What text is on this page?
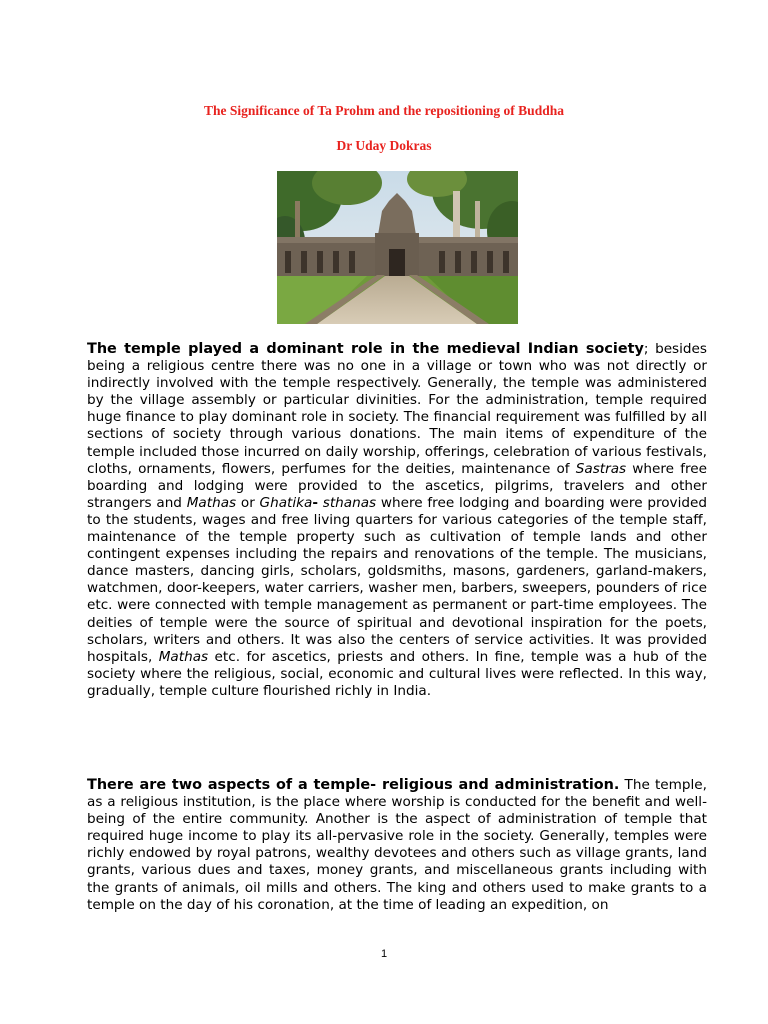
The Significance of Ta Prohm and the repositioning of Buddha
Dr Uday Dokras

The temple played a dominant role in the medieval Indian society; besides being a religious centre there was no one in a village or town who was not directly or indirectly involved with the temple respectively. Generally, the temple was administered by the village assembly or particular divinities. For the administration, temple required huge finance to play dominant role in society. The financial requirement was fulfilled by all sections of society through various donations. The main items of expenditure of the temple included those incurred on daily worship, offerings, celebration of various festivals, cloths, ornaments, flowers, perfumes for the deities, maintenance of Sastras where free boarding and lodging were provided to the ascetics, pilgrims, travelers and other strangers and Mathas or Ghatika- sthanas where free lodging and boarding were provided to the students, wages and free living quarters for various categories of the temple staff, maintenance of the temple property such as cultivation of temple lands and other contingent expenses including the repairs and renovations of the temple. The musicians, dance masters, dancing girls, scholars, goldsmiths, masons, gardeners, garland-makers, watchmen, door-keepers, water carriers, washer men, barbers, sweepers, pounders of rice etc. were connected with temple management as permanent or part-time employees. The deities of temple were the source of spiritual and devotional inspiration for the poets, scholars, writers and others. It was also the centers of service activities. It was provided hospitals, Mathas etc. for ascetics, priests and others. In fine, temple was a hub of the society where the religious, social, economic and cultural lives were reflected. In this way, gradually, temple culture flourished richly in India.

There are two aspects of a temple- religious and administration. The temple, as a religious institution, is the place where worship is conducted for the benefit and well-being of the entire community. Another is the aspect of administration of temple that required huge income to play its all-pervasive role in the society. Generally, temples were richly endowed by royal patrons, wealthy devotees and others such as village grants, land grants, various dues and taxes, money grants, and miscellaneous grants including with the grants of animals, oil mills and others. The king and others used to make grants to a temple on the day of his coronation, at the time of leading an expedition, on

1
